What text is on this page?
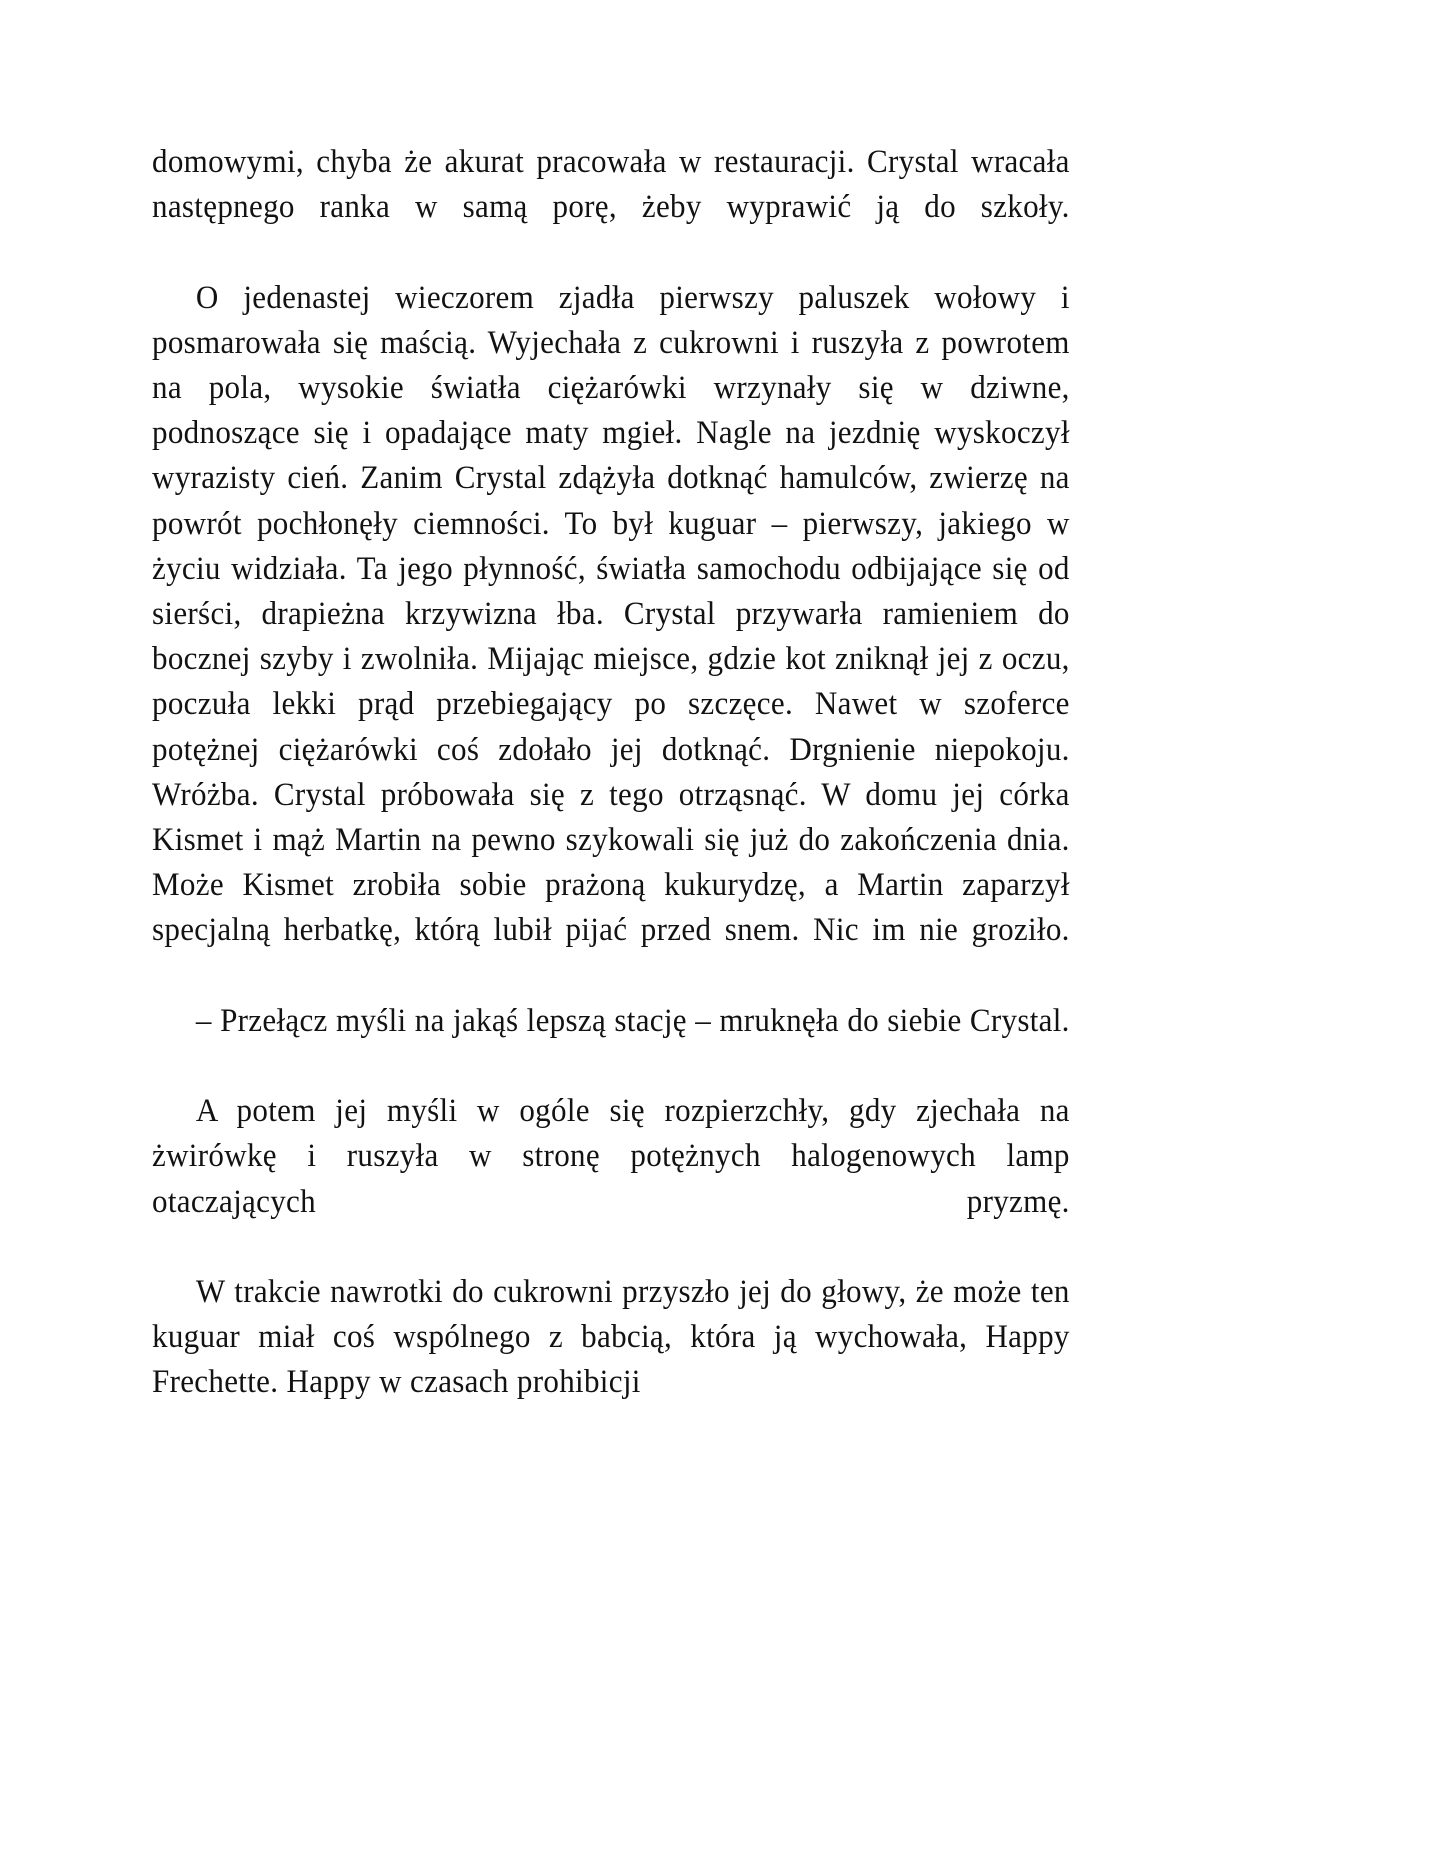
domowymi, chyba że akurat pracowała w restauracji. Crystal wracała następnego ranka w samą porę, żeby wyprawić ją do szkoły.

O jedenastej wieczorem zjadła pierwszy paluszek wołowy i posmarowała się maścią. Wyjechała z cukrowni i ruszyła z powrotem na pola, wysokie światła ciężarówki wrzynały się w dziwne, podnoszące się i opadające maty mgieł. Nagle na jezdnię wyskoczył wyrazisty cień. Zanim Crystal zdążyła dotknąć hamulców, zwierzę na powrót pochłonęły ciemności. To był kuguar – pierwszy, jakiego w życiu widziała. Ta jego płynność, światła samochodu odbijające się od sierści, drapieżna krzywizna łba. Crystal przywarła ramieniem do bocznej szyby i zwolniła. Mijając miejsce, gdzie kot zniknął jej z oczu, poczuła lekki prąd przebiegający po szczęce. Nawet w szoferce potężnej ciężarówki coś zdołało jej dotknąć. Drgnienie niepokoju. Wróżba. Crystal próbowała się z tego otrząsnąć. W domu jej córka Kismet i mąż Martin na pewno szykowali się już do zakończenia dnia. Może Kismet zrobiła sobie prażoną kukurydzę, a Martin zaparzył specjalną herbatkę, którą lubił pijać przed snem. Nic im nie groziło.

– Przełącz myśli na jakąś lepszą stację – mruknęła do siebie Crystal.

A potem jej myśli w ogóle się rozpierzchły, gdy zjechała na żwirówkę i ruszyła w stronę potężnych halogenowych lamp otaczających pryzmę.

W trakcie nawrotki do cukrowni przyszło jej do głowy, że może ten kuguar miał coś wspólnego z babcią, która ją wychowała, Happy Frechette. Happy w czasach prohibicji
